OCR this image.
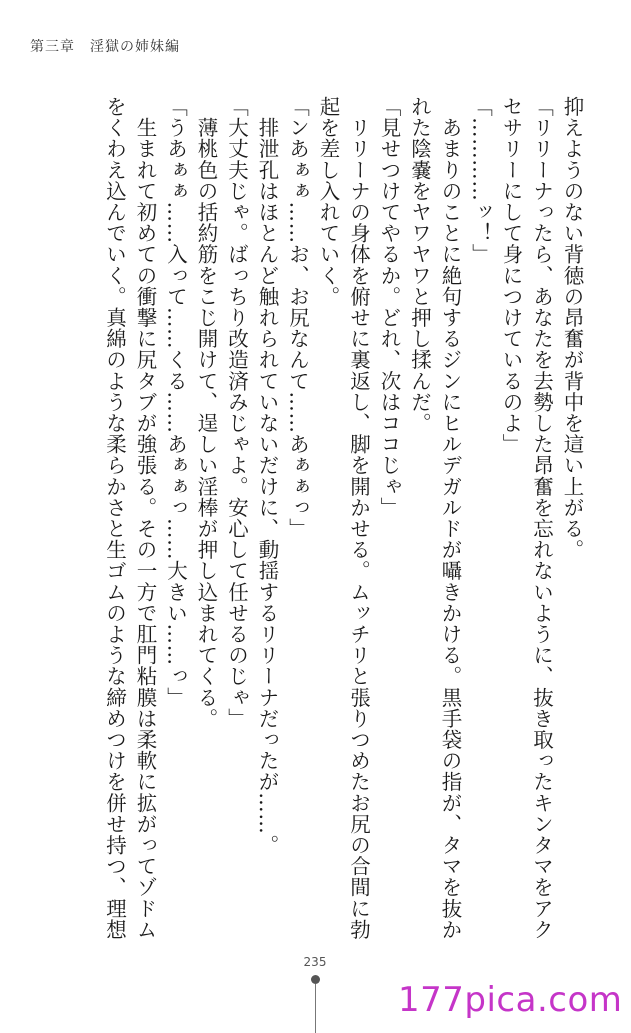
第三章　淫獄の姉妹編
抑えようのない背徳の昂奮が背中を這い上がる。
「リリーナったら、あなたを去勢した昂奮を忘れないように、抜き取ったキンタマをアク
セサリーにして身につけているのよ」
「…………ッ！」
　あまりのことに絶句するジンにヒルデガルドが囁きかける。黒手袋の指が、タマを抜か
れた陰嚢をヤワヤワと押し揉んだ。
「見せつけてやるか。どれ、次はココじゃ」
　リリーナの身体を俯せに裏返し、脚を開かせる。ムッチリと張りつめたお尻の合間に勃
起を差し入れていく。
「ンあぁぁ……お、お尻なんて……あぁぁっ」
　排泄孔はほとんど触れられていないだけに、動揺するリリーナだったが……。
「大丈夫じゃ。ばっちり改造済みじゃよ。安心して任せるのじゃ」
　薄桃色の括約筋をこじ開けて、逞しい淫棒が押し込まれてくる。
「うあぁぁ……入って……くる……あぁぁっ……大きい……っ」
　生まれて初めての衝撃に尻タブが強張る。その一方で肛門粘膜は柔軟に拡がってゾドム
をくわえ込んでいく。真綿のような柔らかさと生ゴムのような締めつけを併せ持つ、理想
235
177pica.com
